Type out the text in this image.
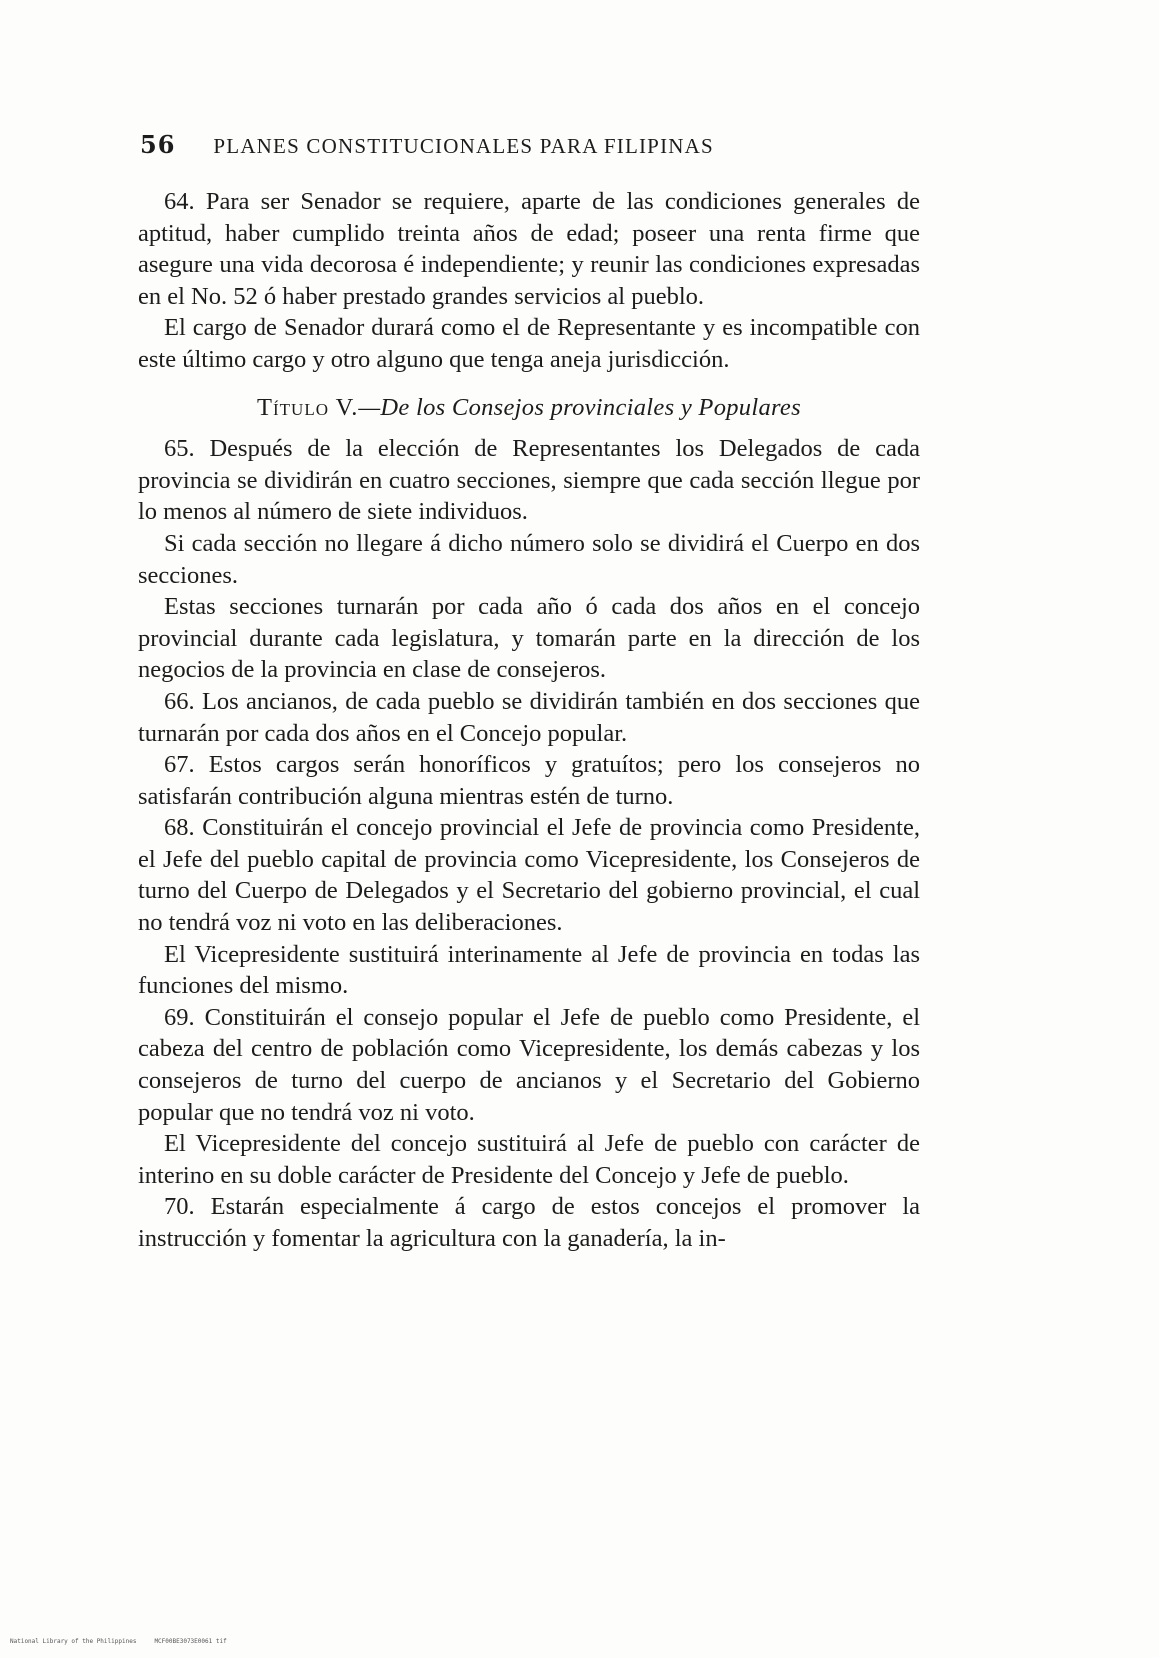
56 PLANES CONSTITUCIONALES PARA FILIPINAS

64. Para ser Senador se requiere, aparte de las condiciones generales de aptitud, haber cumplido treinta años de edad; poseer una renta firme que asegure una vida decorosa é independiente; y reunir las condiciones expresadas en el No. 52 ó haber prestado grandes servicios al pueblo.

El cargo de Senador durará como el de Representante y es incompatible con este último cargo y otro alguno que tenga aneja jurisdicción.

Título V.—De los Consejos provinciales y Populares

65. Después de la elección de Representantes los Delegados de cada provincia se dividirán en cuatro secciones, siempre que cada sección llegue por lo menos al número de siete individuos.

Si cada sección no llegare á dicho número solo se dividirá el Cuerpo en dos secciones.

Estas secciones turnarán por cada año ó cada dos años en el concejo provincial durante cada legislatura, y tomarán parte en la dirección de los negocios de la provincia en clase de consejeros.

66. Los ancianos, de cada pueblo se dividirán también en dos secciones que turnarán por cada dos años en el Concejo popular.

67. Estos cargos serán honoríficos y gratuítos; pero los consejeros no satisfarán contribución alguna mientras estén de turno.

68. Constituirán el concejo provincial el Jefe de provincia como Presidente, el Jefe del pueblo capital de provincia como Vicepresidente, los Consejeros de turno del Cuerpo de Delegados y el Secretario del gobierno provincial, el cual no tendrá voz ni voto en las deliberaciones.

El Vicepresidente sustituirá interinamente al Jefe de provincia en todas las funciones del mismo.

69. Constituirán el consejo popular el Jefe de pueblo como Presidente, el cabeza del centro de población como Vicepresidente, los demás cabezas y los consejeros de turno del cuerpo de ancianos y el Secretario del Gobierno popular que no tendrá voz ni voto.

El Vicepresidente del concejo sustituirá al Jefe de pueblo con carácter de interino en su doble carácter de Presidente del Concejo y Jefe de pueblo.

70. Estarán especialmente á cargo de estos concejos el promover la instrucción y fomentar la agricultura con la ganadería, la in-

National Library of the Philippines	MCF00BE3073E0061 tif
